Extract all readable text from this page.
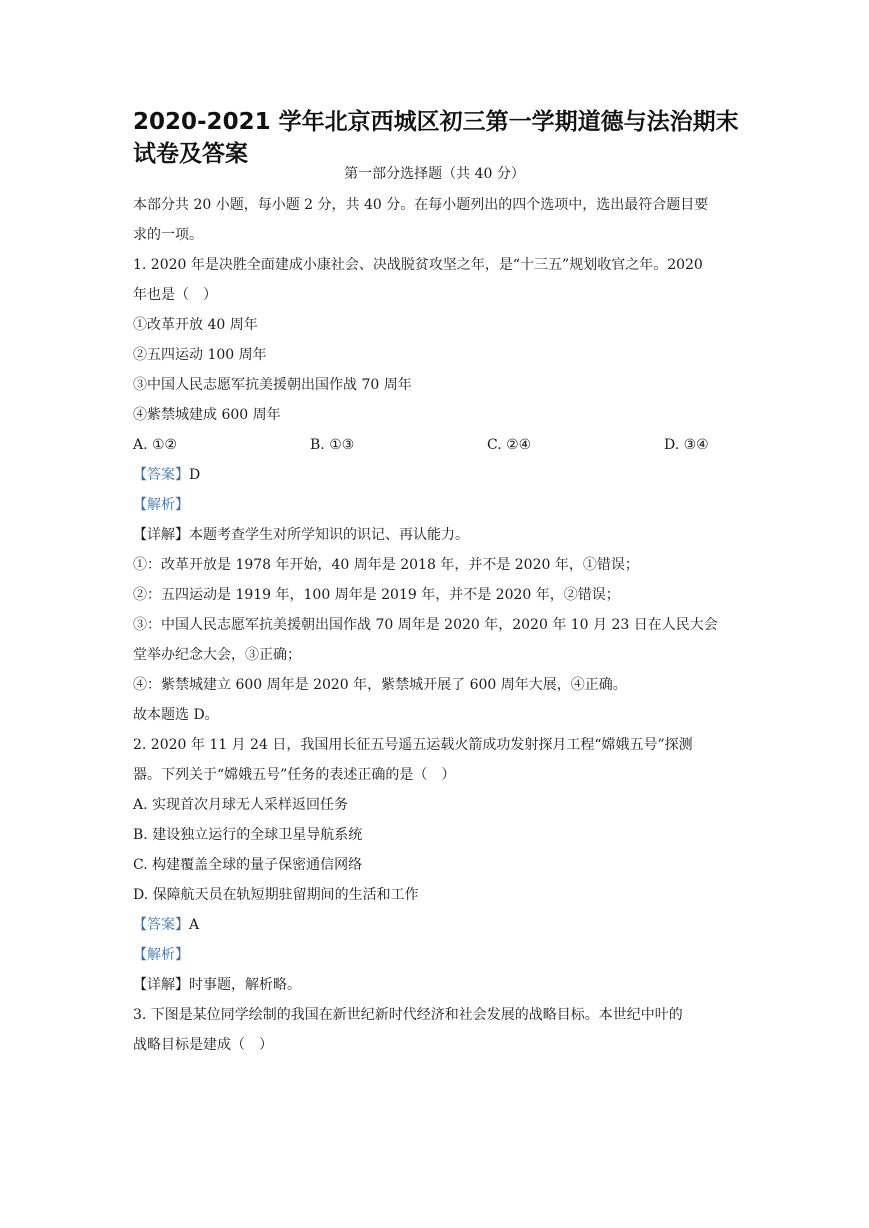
2020-2021 学年北京西城区初三第一学期道德与法治期末试卷及答案
第一部分选择题（共 40 分）
本部分共 20 小题，每小题 2 分，共 40 分。在每小题列出的四个选项中，选出最符合题目要
求的一项。
1. 2020 年是决胜全面建成小康社会、决战脱贫攻坚之年，是“十三五”规划收官之年。2020
年也是（　）
①改革开放 40 周年
②五四运动 100 周年
③中国人民志愿军抗美援朝出国作战 70 周年
④紫禁城建成 600 周年
A. ①②	B. ①③	C. ②④	D. ③④
【答案】D
【解析】
【详解】本题考查学生对所学知识的识记、再认能力。
①：改革开放是 1978 年开始，40 周年是 2018 年，并不是 2020 年，①错误；
②：五四运动是 1919 年，100 周年是 2019 年，并不是 2020 年，②错误；
③：中国人民志愿军抗美援朝出国作战 70 周年是 2020 年，2020 年 10 月 23 日在人民大会
堂举办纪念大会，③正确；
④：紫禁城建立 600 周年是 2020 年，紫禁城开展了 600 周年大展，④正确。
故本题选 D。
2. 2020 年 11 月 24 日，我国用长征五号遥五运载火箭成功发射探月工程“嫦娥五号”探测
器。下列关于“嫦娥五号”任务的表述正确的是（　）
A. 实现首次月球无人采样返回任务
B. 建设独立运行的全球卫星导航系统
C. 构建覆盖全球的量子保密通信网络
D. 保障航天员在轨短期驻留期间的生活和工作
【答案】A
【解析】
【详解】时事题，解析略。
3. 下图是某位同学绘制的我国在新世纪新时代经济和社会发展的战略目标。本世纪中叶的
战略目标是建成（　）
